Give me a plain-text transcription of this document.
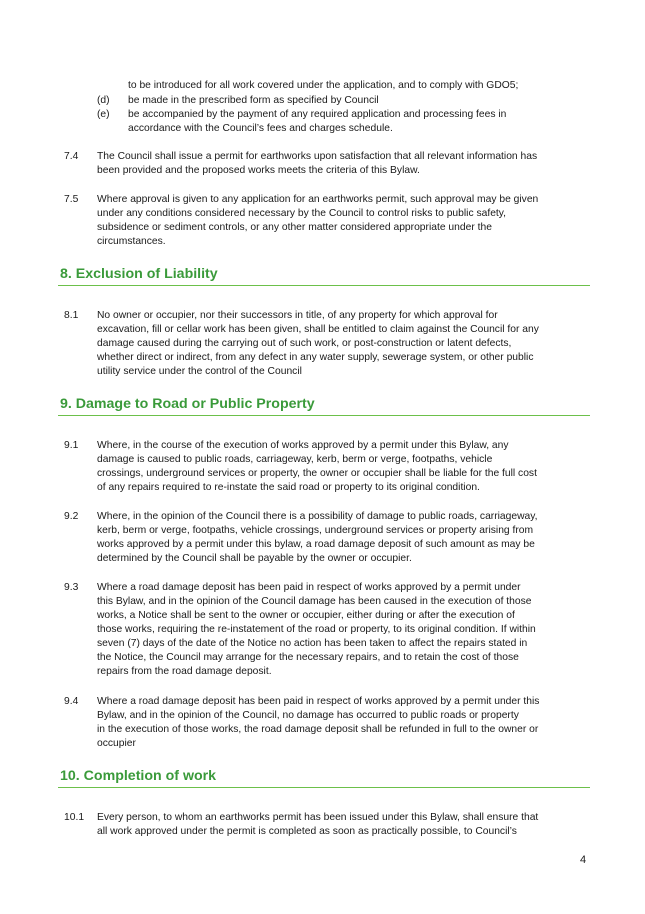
to be introduced for all work covered under the application, and to comply with GDO5;
(d) be made in the prescribed form as specified by Council
(e) be accompanied by the payment of any required application and processing fees in
accordance with the Council’s fees and charges schedule.
7.4 The Council shall issue a permit for earthworks upon satisfaction that all relevant information has
been provided and the proposed works meets the criteria of this Bylaw.
7.5 Where approval is given to any application for an earthworks permit, such approval may be given
under any conditions considered necessary by the Council to control risks to public safety,
subsidence or sediment controls, or any other matter considered appropriate under the
circumstances.
8. Exclusion of Liability
8.1 No owner or occupier, nor their successors in title, of any property for which approval for
excavation, fill or cellar work has been given, shall be entitled to claim against the Council for any
damage caused during the carrying out of such work, or post-construction or latent defects,
whether direct or indirect, from any defect in any water supply, sewerage system, or other public
utility service under the control of the Council
9. Damage to Road or Public Property
9.1 Where, in the course of the execution of works approved by a permit under this Bylaw, any
damage is caused to public roads, carriageway, kerb, berm or verge, footpaths, vehicle
crossings, underground services or property, the owner or occupier shall be liable for the full cost
of any repairs required to re-instate the said road or property to its original condition.
9.2 Where, in the opinion of the Council there is a possibility of damage to public roads, carriageway,
kerb, berm or verge, footpaths, vehicle crossings, underground services or property arising from
works approved by a permit under this bylaw, a road damage deposit of such amount as may be
determined by the Council shall be payable by the owner or occupier.
9.3 Where a road damage deposit has been paid in respect of works approved by a permit under
this Bylaw, and in the opinion of the Council damage has been caused in the execution of those
works, a Notice shall be sent to the owner or occupier, either during or after the execution of
those works, requiring the re-instatement of the road or property, to its original condition. If within
seven (7) days of the date of the Notice no action has been taken to affect the repairs stated in
the Notice, the Council may arrange for the necessary repairs, and to retain the cost of those
repairs from the road damage deposit.
9.4 Where a road damage deposit has been paid in respect of works approved by a permit under this
Bylaw, and in the opinion of the Council, no damage has occurred to public roads or property
in the execution of those works, the road damage deposit shall be refunded in full to the owner or
occupier
10. Completion of work
10.1 Every person, to whom an earthworks permit has been issued under this Bylaw, shall ensure that
all work approved under the permit is completed as soon as practically possible, to Council’s
4
